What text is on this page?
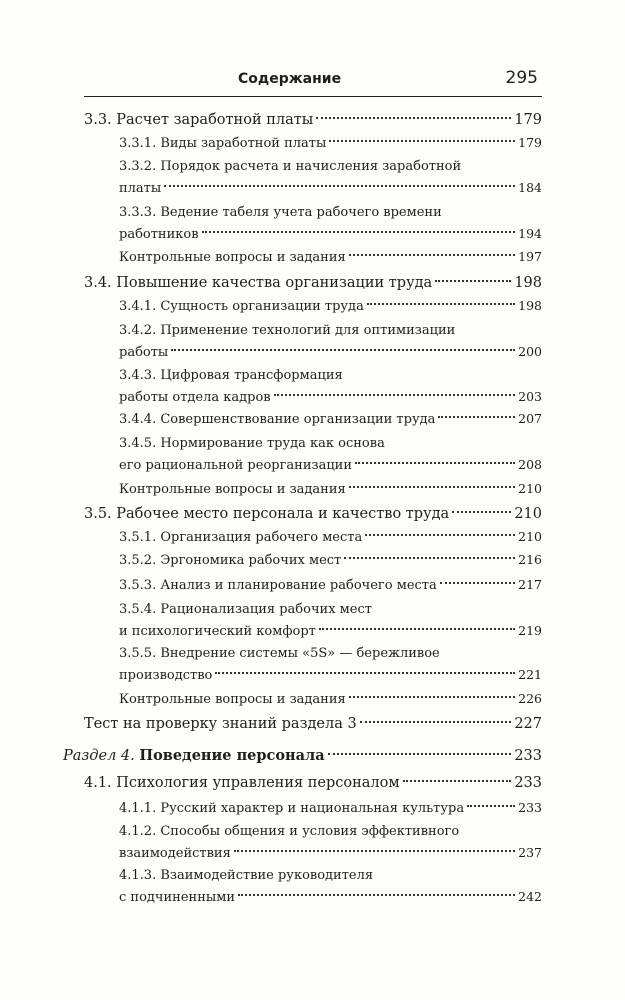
Содержание	295
3.3. Расчет заработной платы	179
3.3.1. Виды заработной платы	179
3.3.2. Порядок расчета и начисления заработной
платы	184
3.3.3. Ведение табеля учета рабочего времени
работников	194
Контрольные вопросы и задания	197
3.4. Повышение качества организации труда	198
3.4.1. Сущность организации труда	198
3.4.2. Применение технологий для оптимизации
работы	200
3.4.3. Цифровая трансформация
работы отдела кадров	203
3.4.4. Совершенствование организации труда	207
3.4.5. Нормирование труда как основа
его рациональной реорганизации	208
Контрольные вопросы и задания	210
3.5. Рабочее место персонала и качество труда	210
3.5.1. Организация рабочего места	210
3.5.2. Эргономика рабочих мест	216
3.5.3. Анализ и планирование рабочего места	217
3.5.4. Рационализация рабочих мест
и психологический комфорт	219
3.5.5. Внедрение системы «5S» — бережливое
производство	221
Контрольные вопросы и задания	226
Тест на проверку знаний раздела 3	227
Раздел 4. Поведение персонала	233
4.1. Психология управления персоналом	233
4.1.1. Русский характер и национальная культура	233
4.1.2. Способы общения и условия эффективного
взаимодействия	237
4.1.3. Взаимодействие руководителя
с подчиненными	242
